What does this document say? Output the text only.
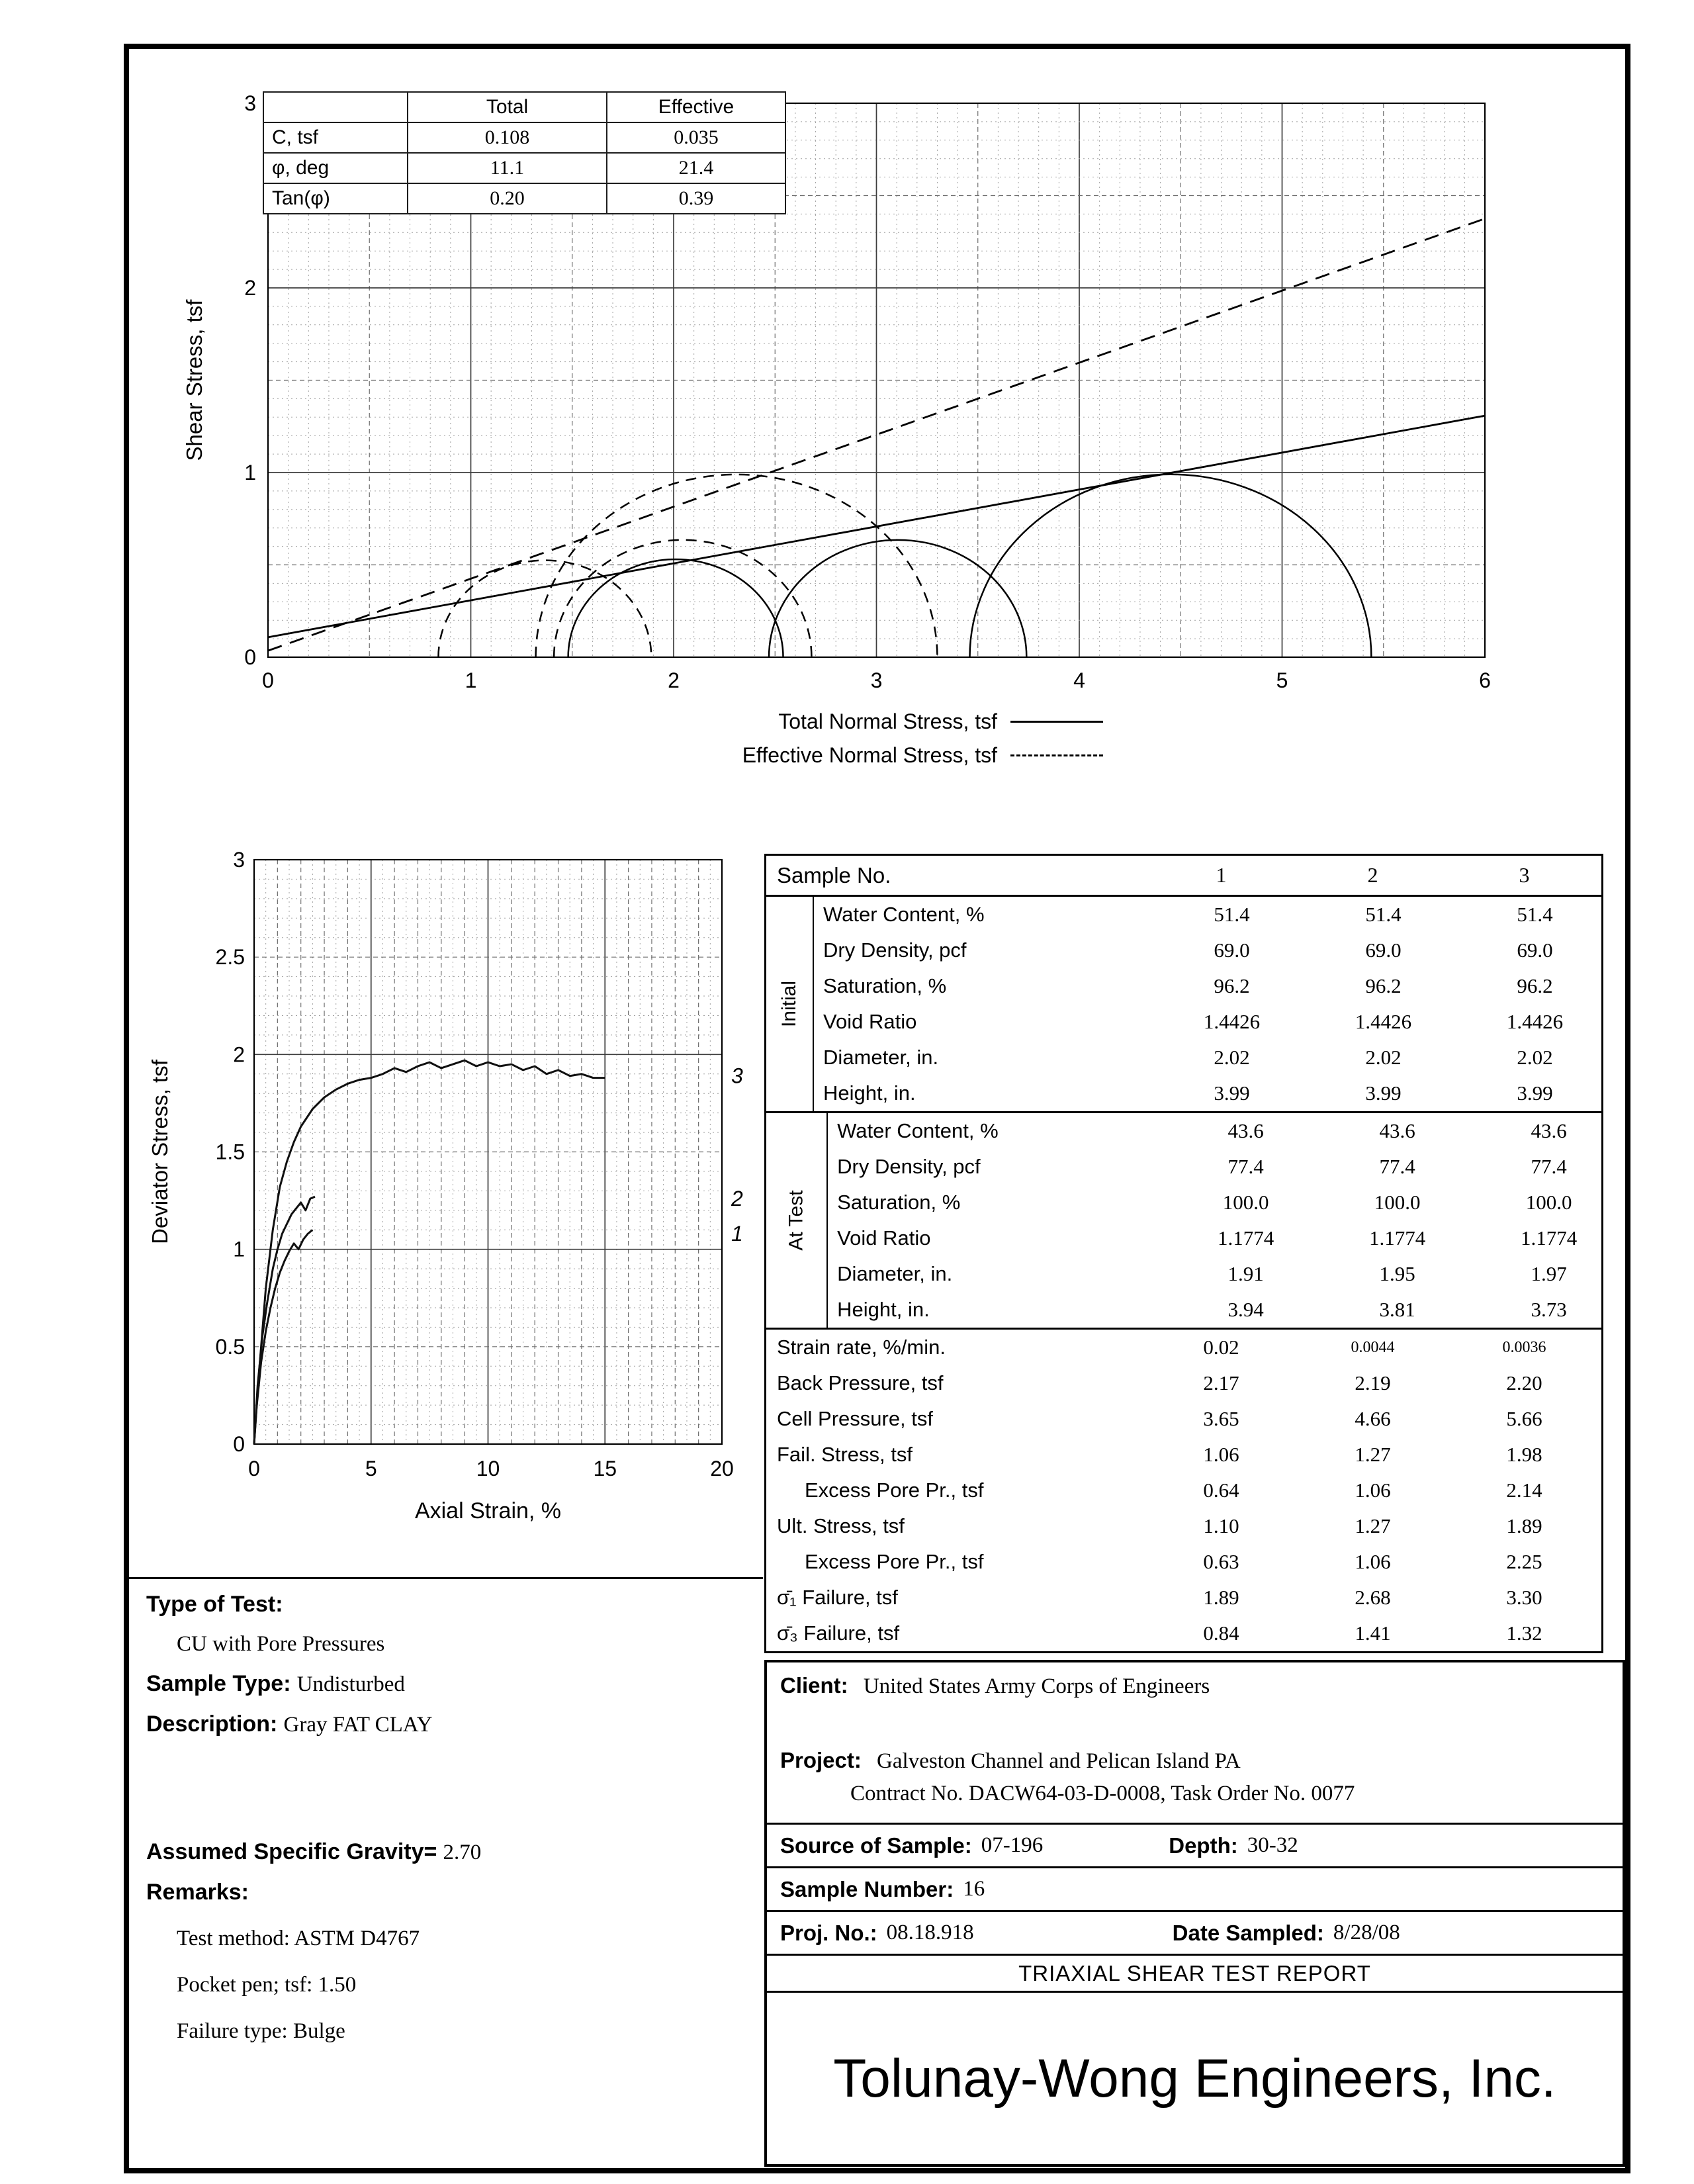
0	1	2	3	4	5	6
0
1
2
3
Shear Stress, tsf
	Total	Effective
C, tsf	0.108	0.035
φ, deg	11.1	21.4
Tan(φ)	0.20	0.39
Total Normal Stress, tsf
Effective Normal Stress, tsf
3
2
1
0	5	10	15	20
0
0.5
1
1.5
2
2.5
3
Axial Strain, %
Deviator Stress, tsf
Sample No.	1	2	3
Initial
Water Content, %	51.4	51.4	51.4
Dry Density, pcf	69.0	69.0	69.0
Saturation, %	96.2	96.2	96.2
Void Ratio	1.4426	1.4426	1.4426
Diameter, in.	2.02	2.02	2.02
Height, in.	3.99	3.99	3.99
At Test
Water Content, %	43.6	43.6	43.6
Dry Density, pcf	77.4	77.4	77.4
Saturation, %	100.0	100.0	100.0
Void Ratio	1.1774	1.1774	1.1774
Diameter, in.	1.91	1.95	1.97
Height, in.	3.94	3.81	3.73
Strain rate, %/min.	0.02	0.0044	0.0036
Back Pressure, tsf	2.17	2.19	2.20
Cell Pressure, tsf	3.65	4.66	5.66
Fail. Stress, tsf	1.06	1.27	1.98
Excess Pore Pr., tsf	0.64	1.06	2.14
Ult. Stress, tsf	1.10	1.27	1.89
Excess Pore Pr., tsf	0.63	1.06	2.25
σ̄₁ Failure, tsf	1.89	2.68	3.30
σ̄₃ Failure, tsf	0.84	1.41	1.32
Type of Test:
CU with Pore Pressures
Sample Type: Undisturbed
Description: Gray FAT CLAY
Assumed Specific Gravity= 2.70
Remarks:
Test method: ASTM D4767
Pocket pen; tsf: 1.50
Failure type: Bulge
Client: United States Army Corps of Engineers
Project: Galveston Channel and Pelican Island PA
Contract No. DACW64-03-D-0008, Task Order No. 0077
Source of Sample: 07-196	Depth: 30-32
Sample Number: 16
Proj. No.: 08.18.918	Date Sampled: 8/28/08
TRIAXIAL SHEAR TEST REPORT
Tolunay-Wong Engineers, Inc.
